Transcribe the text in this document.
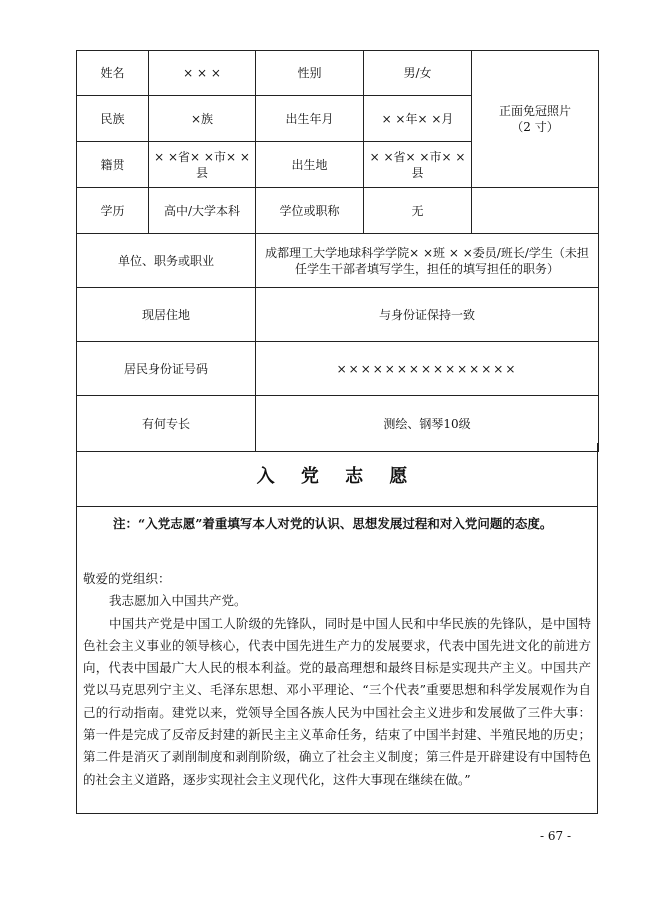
姓名	× × ×	性别	男/女	正面免冠照片
（2 寸）

民族	×族	出生年月	× ×年× ×月	
籍贯	× ×省× ×市× ×县	出生地	× ×省× ×市× ×县	
学历	高中/大学本科	学位或职称	无	
单位、职务或职业		成都理工大学地球科学学院× ×班 × ×委员/班长/学生（未担任学生干部者填写学生，担任的填写担任的职务）		
现居住地		与身份证保持一致		
居民身份证号码		×××××××××××××××		
有何专长		测绘、钢琴10级		
入 党 志 愿
注：“入党志愿”着重填写本人对党的认识、思想发展过程和对入党问题的态度。

敬爱的党组织：

我志愿加入中国共产党。

中国共产党是中国工人阶级的先锋队，同时是中国人民和中华民族的先锋队，是中国特色社会主义事业的领导核心，代表中国先进生产力的发展要求，代表中国先进文化的前进方向，代表中国最广大人民的根本利益。党的最高理想和最终目标是实现共产主义。中国共产党以马克思列宁主义、毛泽东思想、邓小平理论、“三个代表”重要思想和科学发展观作为自己的行动指南。建党以来，党领导全国各族人民为中国社会主义进步和发展做了三件大事：第一件是完成了反帝反封建的新民主主义革命任务，结束了中国半封建、半殖民地的历史；第二件是消灭了剥削制度和剥削阶级，确立了社会主义制度；第三件是开辟建设有中国特色的社会主义道路，逐步实现社会主义现代化，这件大事现在继续在做。”

- 67 -
